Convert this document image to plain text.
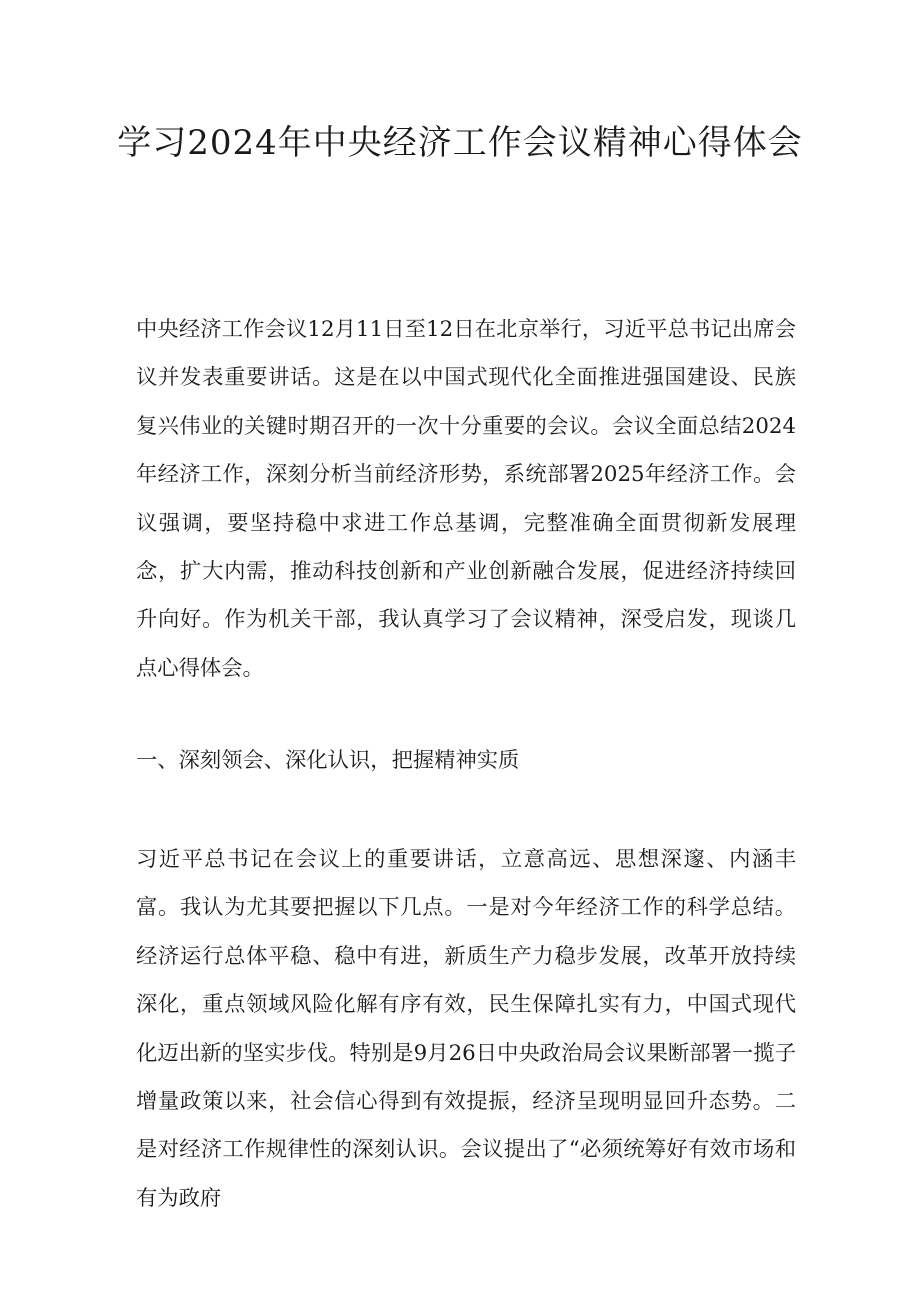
学习2024年中央经济工作会议精神心得体会

中央经济工作会议12月11日至12日在北京举行，习近平总书记出席会议并发表重要讲话。这是在以中国式现代化全面推进强国建设、民族复兴伟业的关键时期召开的一次十分重要的会议。会议全面总结2024年经济工作，深刻分析当前经济形势，系统部署2025年经济工作。会议强调，要坚持稳中求进工作总基调，完整准确全面贯彻新发展理念，扩大内需，推动科技创新和产业创新融合发展，促进经济持续回升向好。作为机关干部，我认真学习了会议精神，深受启发，现谈几点心得体会。

一、深刻领会、深化认识，把握精神实质

习近平总书记在会议上的重要讲话，立意高远、思想深邃、内涵丰富。我认为尤其要把握以下几点。一是对今年经济工作的科学总结。经济运行总体平稳、稳中有进，新质生产力稳步发展，改革开放持续深化，重点领域风险化解有序有效，民生保障扎实有力，中国式现代化迈出新的坚实步伐。特别是9月26日中央政治局会议果断部署一揽子增量政策以来，社会信心得到有效提振，经济呈现明显回升态势。二是对经济工作规律性的深刻认识。会议提出了“必须统筹好有效市场和有为政府
